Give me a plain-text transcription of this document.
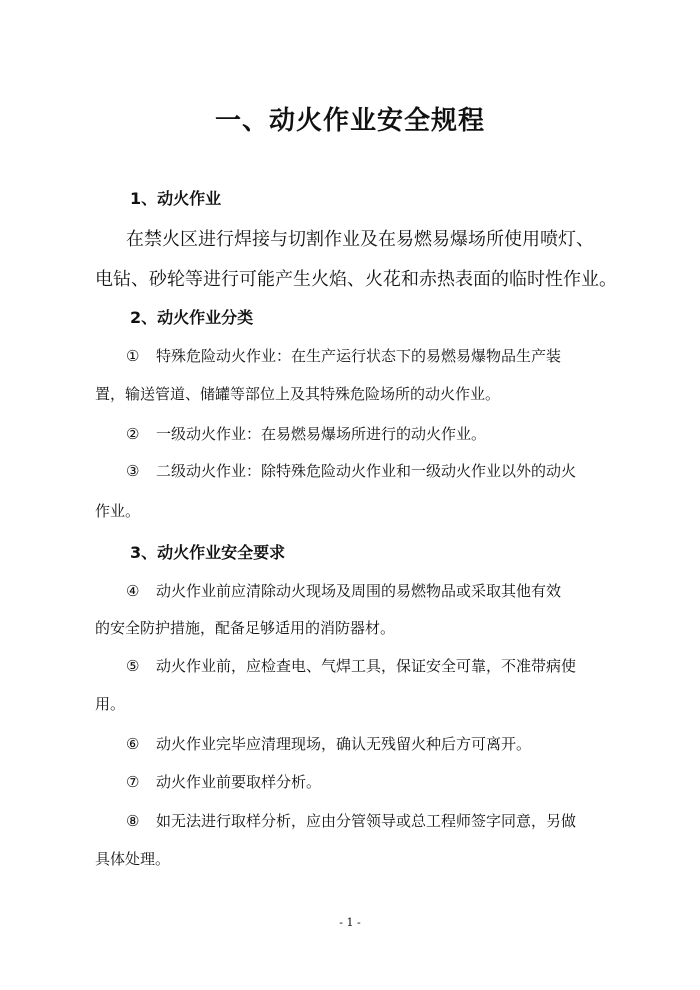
一、动火作业安全规程
1、动火作业
在禁火区进行焊接与切割作业及在易燃易爆场所使用喷灯、
电钻、砂轮等进行可能产生火焰、火花和赤热表面的临时性作业。
2、动火作业分类
① 特殊危险动火作业：在生产运行状态下的易燃易爆物品生产装
置，输送管道、储罐等部位上及其特殊危险场所的动火作业。
② 一级动火作业：在易燃易爆场所进行的动火作业。
③ 二级动火作业：除特殊危险动火作业和一级动火作业以外的动火
作业。
3、动火作业安全要求
④ 动火作业前应清除动火现场及周围的易燃物品或采取其他有效
的安全防护措施，配备足够适用的消防器材。
⑤ 动火作业前，应检查电、气焊工具，保证安全可靠，不准带病使
用。
⑥ 动火作业完毕应清理现场，确认无残留火种后方可离开。
⑦ 动火作业前要取样分析。
⑧ 如无法进行取样分析，应由分管领导或总工程师签字同意，另做
具体处理。
- 1 -
